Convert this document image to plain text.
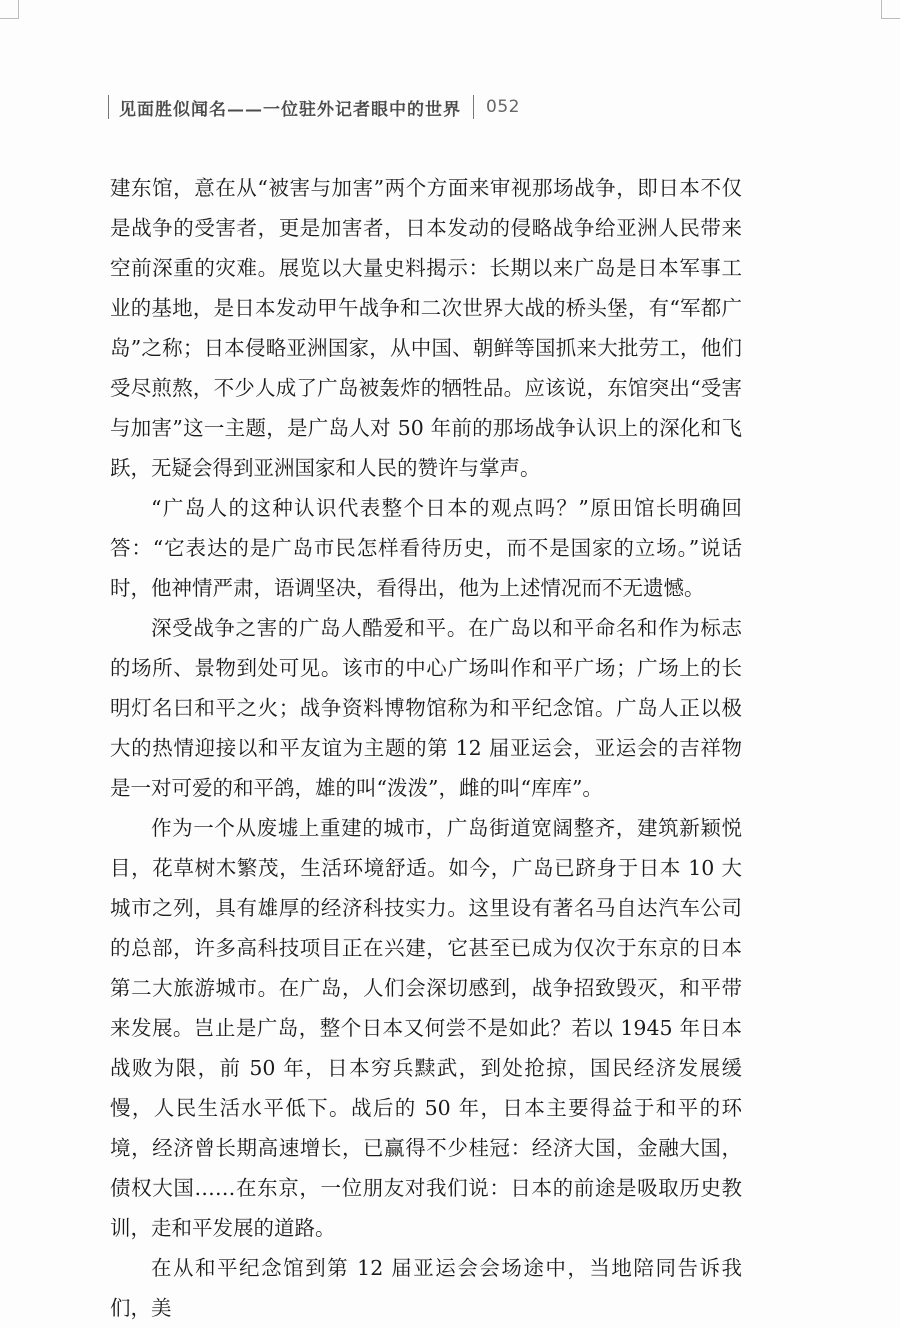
见面胜似闻名——一位驻外记者眼中的世界 052

建东馆，意在从“被害与加害”两个方面来审视那场战争，即日本不仅是战争的受害者，更是加害者，日本发动的侵略战争给亚洲人民带来空前深重的灾难。展览以大量史料揭示：长期以来广岛是日本军事工业的基地，是日本发动甲午战争和二次世界大战的桥头堡，有“军都广岛”之称；日本侵略亚洲国家，从中国、朝鲜等国抓来大批劳工，他们受尽煎熬，不少人成了广岛被轰炸的牺牲品。应该说，东馆突出“受害与加害”这一主题，是广岛人对 50 年前的那场战争认识上的深化和飞跃，无疑会得到亚洲国家和人民的赞许与掌声。

“广岛人的这种认识代表整个日本的观点吗？”原田馆长明确回答：“它表达的是广岛市民怎样看待历史，而不是国家的立场。”说话时，他神情严肃，语调坚决，看得出，他为上述情况而不无遗憾。

深受战争之害的广岛人酷爱和平。在广岛以和平命名和作为标志的场所、景物到处可见。该市的中心广场叫作和平广场；广场上的长明灯名曰和平之火；战争资料博物馆称为和平纪念馆。广岛人正以极大的热情迎接以和平友谊为主题的第 12 届亚运会，亚运会的吉祥物是一对可爱的和平鸽，雄的叫“泼泼”，雌的叫“库库”。

作为一个从废墟上重建的城市，广岛街道宽阔整齐，建筑新颖悦目，花草树木繁茂，生活环境舒适。如今，广岛已跻身于日本 10 大城市之列，具有雄厚的经济科技实力。这里设有著名马自达汽车公司的总部，许多高科技项目正在兴建，它甚至已成为仅次于东京的日本第二大旅游城市。在广岛，人们会深切感到，战争招致毁灭，和平带来发展。岂止是广岛，整个日本又何尝不是如此？若以 1945 年日本战败为限，前 50 年，日本穷兵黩武，到处抢掠，国民经济发展缓慢，人民生活水平低下。战后的 50 年，日本主要得益于和平的环境，经济曾长期高速增长，已赢得不少桂冠：经济大国，金融大国，债权大国……在东京，一位朋友对我们说：日本的前途是吸取历史教训，走和平发展的道路。

在从和平纪念馆到第 12 届亚运会会场途中，当地陪同告诉我们，美
